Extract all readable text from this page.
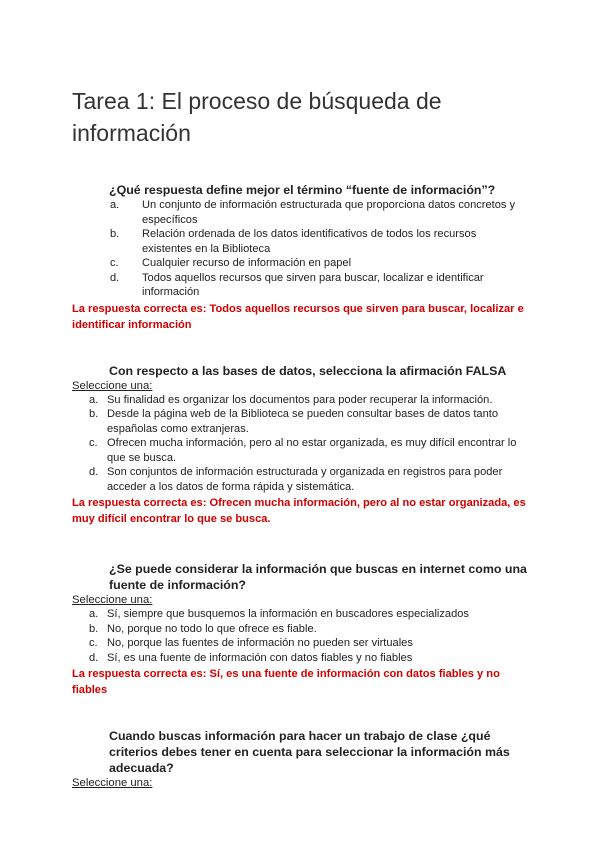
Tarea 1: El proceso de búsqueda de información

¿Qué respuesta define mejor el término “fuente de información”?

a. Un conjunto de información estructurada que proporciona datos concretos y específicos
b. Relación ordenada de los datos identificativos de todos los recursos existentes en la Biblioteca
c. Cualquier recurso de información en papel
d. Todos aquellos recursos que sirven para buscar, localizar e identificar información

La respuesta correcta es: Todos aquellos recursos que sirven para buscar, localizar e identificar información

Con respecto a las bases de datos, selecciona la afirmación FALSA

Seleccione una:

a. Su finalidad es organizar los documentos para poder recuperar la información.
b. Desde la página web de la Biblioteca se pueden consultar bases de datos tanto españolas como extranjeras.
c. Ofrecen mucha información, pero al no estar organizada, es muy difícil encontrar lo que se busca.
d. Son conjuntos de información estructurada y organizada en registros para poder acceder a los datos de forma rápida y sistemática.

La respuesta correcta es: Ofrecen mucha información, pero al no estar organizada, es muy difícil encontrar lo que se busca.

¿Se puede considerar la información que buscas en internet como una fuente de información?

Seleccione una:

a. Sí, siempre que busquemos la información en buscadores especializados
b. No, porque no todo lo que ofrece es fiable.
c. No, porque las fuentes de información no pueden ser virtuales
d. Sí, es una fuente de información con datos fiables y no fiables

La respuesta correcta es: Sí, es una fuente de información con datos fiables y no fiables

Cuando buscas información para hacer un trabajo de clase ¿qué criterios debes tener en cuenta para seleccionar la información más adecuada?

Seleccione una:
